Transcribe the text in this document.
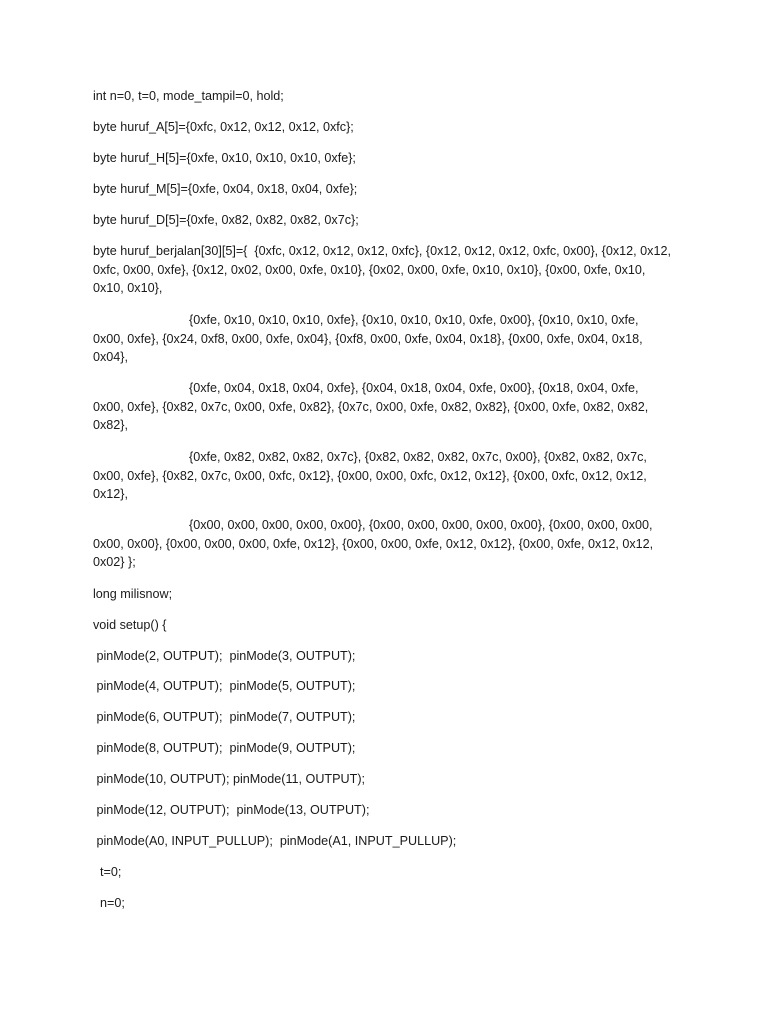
int n=0, t=0, mode_tampil=0, hold;

byte huruf_A[5]={0xfc, 0x12, 0x12, 0x12, 0xfc};

byte huruf_H[5]={0xfe, 0x10, 0x10, 0x10, 0xfe};

byte huruf_M[5]={0xfe, 0x04, 0x18, 0x04, 0xfe};

byte huruf_D[5]={0xfe, 0x82, 0x82, 0x82, 0x7c};

byte huruf_berjalan[30][5]={  {0xfc, 0x12, 0x12, 0x12, 0xfc}, {0x12, 0x12, 0x12, 0xfc, 0x00}, {0x12, 0x12, 0xfc, 0x00, 0xfe}, {0x12, 0x02, 0x00, 0xfe, 0x10}, {0x02, 0x00, 0xfe, 0x10, 0x10}, {0x00, 0xfe, 0x10, 0x10, 0x10},

{0xfe, 0x10, 0x10, 0x10, 0xfe}, {0x10, 0x10, 0x10, 0xfe, 0x00}, {0x10, 0x10, 0xfe, 0x00, 0xfe}, {0x24, 0xf8, 0x00, 0xfe, 0x04}, {0xf8, 0x00, 0xfe, 0x04, 0x18}, {0x00, 0xfe, 0x04, 0x18, 0x04},

{0xfe, 0x04, 0x18, 0x04, 0xfe}, {0x04, 0x18, 0x04, 0xfe, 0x00}, {0x18, 0x04, 0xfe, 0x00, 0xfe}, {0x82, 0x7c, 0x00, 0xfe, 0x82}, {0x7c, 0x00, 0xfe, 0x82, 0x82}, {0x00, 0xfe, 0x82, 0x82, 0x82},

{0xfe, 0x82, 0x82, 0x82, 0x7c}, {0x82, 0x82, 0x82, 0x7c, 0x00}, {0x82, 0x82, 0x7c, 0x00, 0xfe}, {0x82, 0x7c, 0x00, 0xfc, 0x12}, {0x00, 0x00, 0xfc, 0x12, 0x12}, {0x00, 0xfc, 0x12, 0x12, 0x12},

{0x00, 0x00, 0x00, 0x00, 0x00}, {0x00, 0x00, 0x00, 0x00, 0x00}, {0x00, 0x00, 0x00, 0x00, 0x00}, {0x00, 0x00, 0x00, 0xfe, 0x12}, {0x00, 0x00, 0xfe, 0x12, 0x12}, {0x00, 0xfe, 0x12, 0x12, 0x02} };

long milisnow;

void setup() {

pinMode(2, OUTPUT);  pinMode(3, OUTPUT);

pinMode(4, OUTPUT);  pinMode(5, OUTPUT);

pinMode(6, OUTPUT);  pinMode(7, OUTPUT);

pinMode(8, OUTPUT);  pinMode(9, OUTPUT);

pinMode(10, OUTPUT); pinMode(11, OUTPUT);

pinMode(12, OUTPUT);  pinMode(13, OUTPUT);

pinMode(A0, INPUT_PULLUP);  pinMode(A1, INPUT_PULLUP);

t=0;

n=0;
